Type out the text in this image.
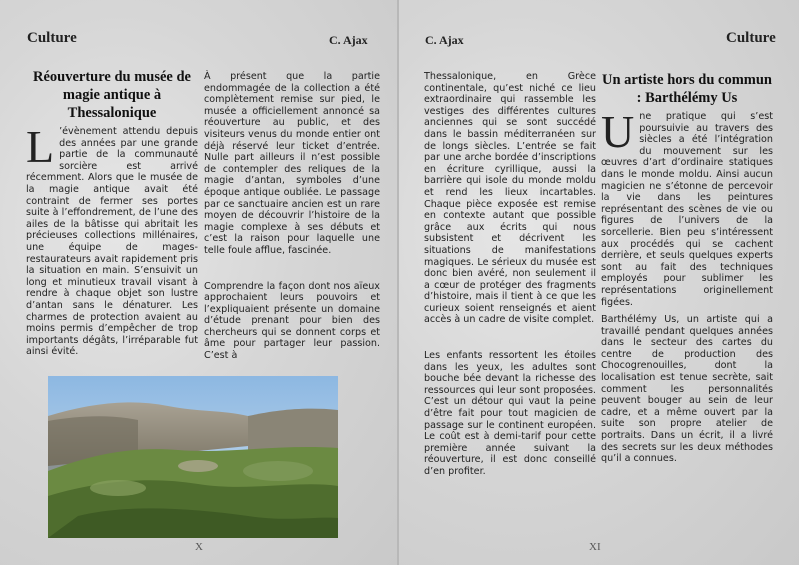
Culture	C. Ajax
Réouverture du musée de magie antique à Thessalonique

L ’évènement attendu depuis des années par une grande partie de la communauté sorcière est arrivé récemment. Alors que le musée de la magie antique avait été contraint de fermer ses portes suite à l’effondrement, de l’une des ailes de la bâtisse qui abritait les précieuses collections millénaires, une équipe de mages-restaurateurs avait rapidement pris la situation en main. S’ensuivit un long et minutieux travail visant à rendre à chaque objet son lustre d’antan sans le dénaturer. Les charmes de protection avaient au moins permis d’empêcher de trop importants dégâts, l’irréparable fut ainsi évité.

À présent que la partie endommagée de la collection a été complètement remise sur pied, le musée a officiellement annoncé sa réouverture au public, et des visiteurs venus du monde entier ont déjà réservé leur ticket d’entrée. Nulle part ailleurs il n’est possible de contempler des reliques de la magie d’antan, symboles d’une époque antique oubliée. Le passage par ce sanctuaire ancien est un rare moyen de découvrir l’histoire de la magie complexe à ses débuts et c’est la raison pour laquelle une telle foule afflue, fascinée.

Comprendre la façon dont nos aïeux approchaient leurs pouvoirs et l’expliquaient présente un domaine d’étude prenant pour bien des chercheurs qui se donnent corps et âme pour partager leur passion. C’est à

X
C. Ajax	Culture

Thessalonique, en Grèce continentale, qu’est niché ce lieu extraordinaire qui rassemble les vestiges des différentes cultures anciennes qui se sont succédé dans le bassin méditerranéen sur de longs siècles. L’entrée se fait par une arche bordée d’inscriptions en écriture cyrillique, aussi la barrière qui isole du monde moldu et rend les lieux incartables. Chaque pièce exposée est remise en contexte autant que possible grâce aux écrits qui nous subsistent et décrivent les situations de manifestations magiques. Le sérieux du musée est donc bien avéré, non seulement il a cœur de protéger des fragments d’histoire, mais il tient à ce que les curieux soient renseignés et aient accès à un cadre de visite complet.

Les enfants ressortent les étoiles dans les yeux, les adultes sont bouche bée devant la richesse des ressources qui leur sont proposées. C’est un détour qui vaut la peine d’être fait pour tout magicien de passage sur le continent européen. Le coût est à demi-tarif pour cette première année suivant la réouverture, il est donc conseillé d’en profiter.

Un artiste hors du commun : Barthélémy Us

Une pratique qui s’est poursuivie au travers des siècles a été l’intégration du mouvement sur les œuvres d’art d’ordinaire statiques dans le monde moldu. Ainsi aucun magicien ne s’étonne de percevoir la vie dans les peintures représentant des scènes de vie ou figures de l’univers de la sorcellerie. Bien peu s’intéressent aux procédés qui se cachent derrière, et seuls quelques experts sont au fait des techniques employés pour sublimer les représentations originellement figées.

Barthélémy Us, un artiste qui a travaillé pendant quelques années dans le secteur des cartes du centre de production des Chocogrenouilles, dont la localisation est tenue secrète, sait comment les personnalités peuvent bouger au sein de leur cadre, et a même ouvert par la suite son propre atelier de portraits. Dans un écrit, il a livré des secrets sur les deux méthodes qu’il a connues.

XI
